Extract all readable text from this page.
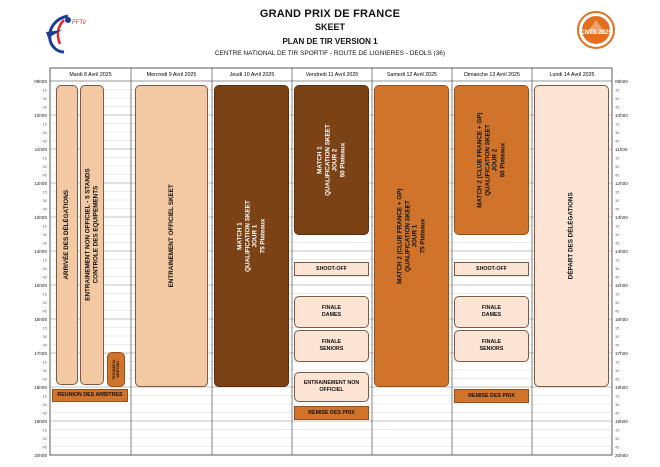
GRAND PRIX DE FRANCE
SKEET
PLAN DE TIR VERSION 1
CENTRE NATIONAL DE TIR SPORTIF - ROUTE DE LIGNIERES - DEOLS (36)
FFTir
CNTS 2025
Mardi 8 Avril 2025	Mercredi 9 Avril 2025	Jeudi 10 Avril 2025	Vendredi 11 Avril 2025	Samedi 12 Avril 2025	Dimanche 13 Avril 2025	Lundi 14 Avril 2025
09h00	09h00
15	15
30	30
45	45
10h00	10h00
15	15
30	30
45	45
11h00	11h00
15	15
30	30
45	45
12h00	12h00
15	15
30	30
45	45
13h00	13h00
15	15
30	30
45	45
14h00	14h00
15	15
30	30
45	45
15h00	15h00
15	15
30	30
45	45
16h00	16h00
15	15
30	30
45	45
17h00	17h00
15	15
30	30
45	45
18h00	18h00
15	15
30	30
45	45
19h00	19h00
15	15
30	30
45	45
20h00	20h00
ARRIVÉE DES DÉLÉGATIONS ENTRAINEMENT NON OFFICIEL - 5 STANDS
CONTROLE DES EQUIPEMENTS
TECHNICAL
MEETING
REUNION DES ARBITRES
ENTRAINEMENT OFFICIEL SKEET	MATCH 1
QUALIFICATION SKEET
JOUR 1
75 Plateaux
MATCH 1
QUALIFICATION SKEET
JOUR 2
50 Plateaux
SHOOT-OFF
FINALE
DAMES
FINALE
SENIORS
ENTRAINEMENT NON
OFFICIEL
REMISE DES PRIX
MATCH 2 (CLUB FRANCE + GP)
QUALIFICATION SKEET
JOUR 1
75 Plateaux
MATCH 2 (CLUB FRANCE + GP)
QUALIFICATION SKEET
JOUR 2
50 Plateaux
SHOOT-OFF
FINALE
DAMES
FINALE
SENIORS
REMISE DES PRIX
DÉPART DES DÉLÉGATIONS
